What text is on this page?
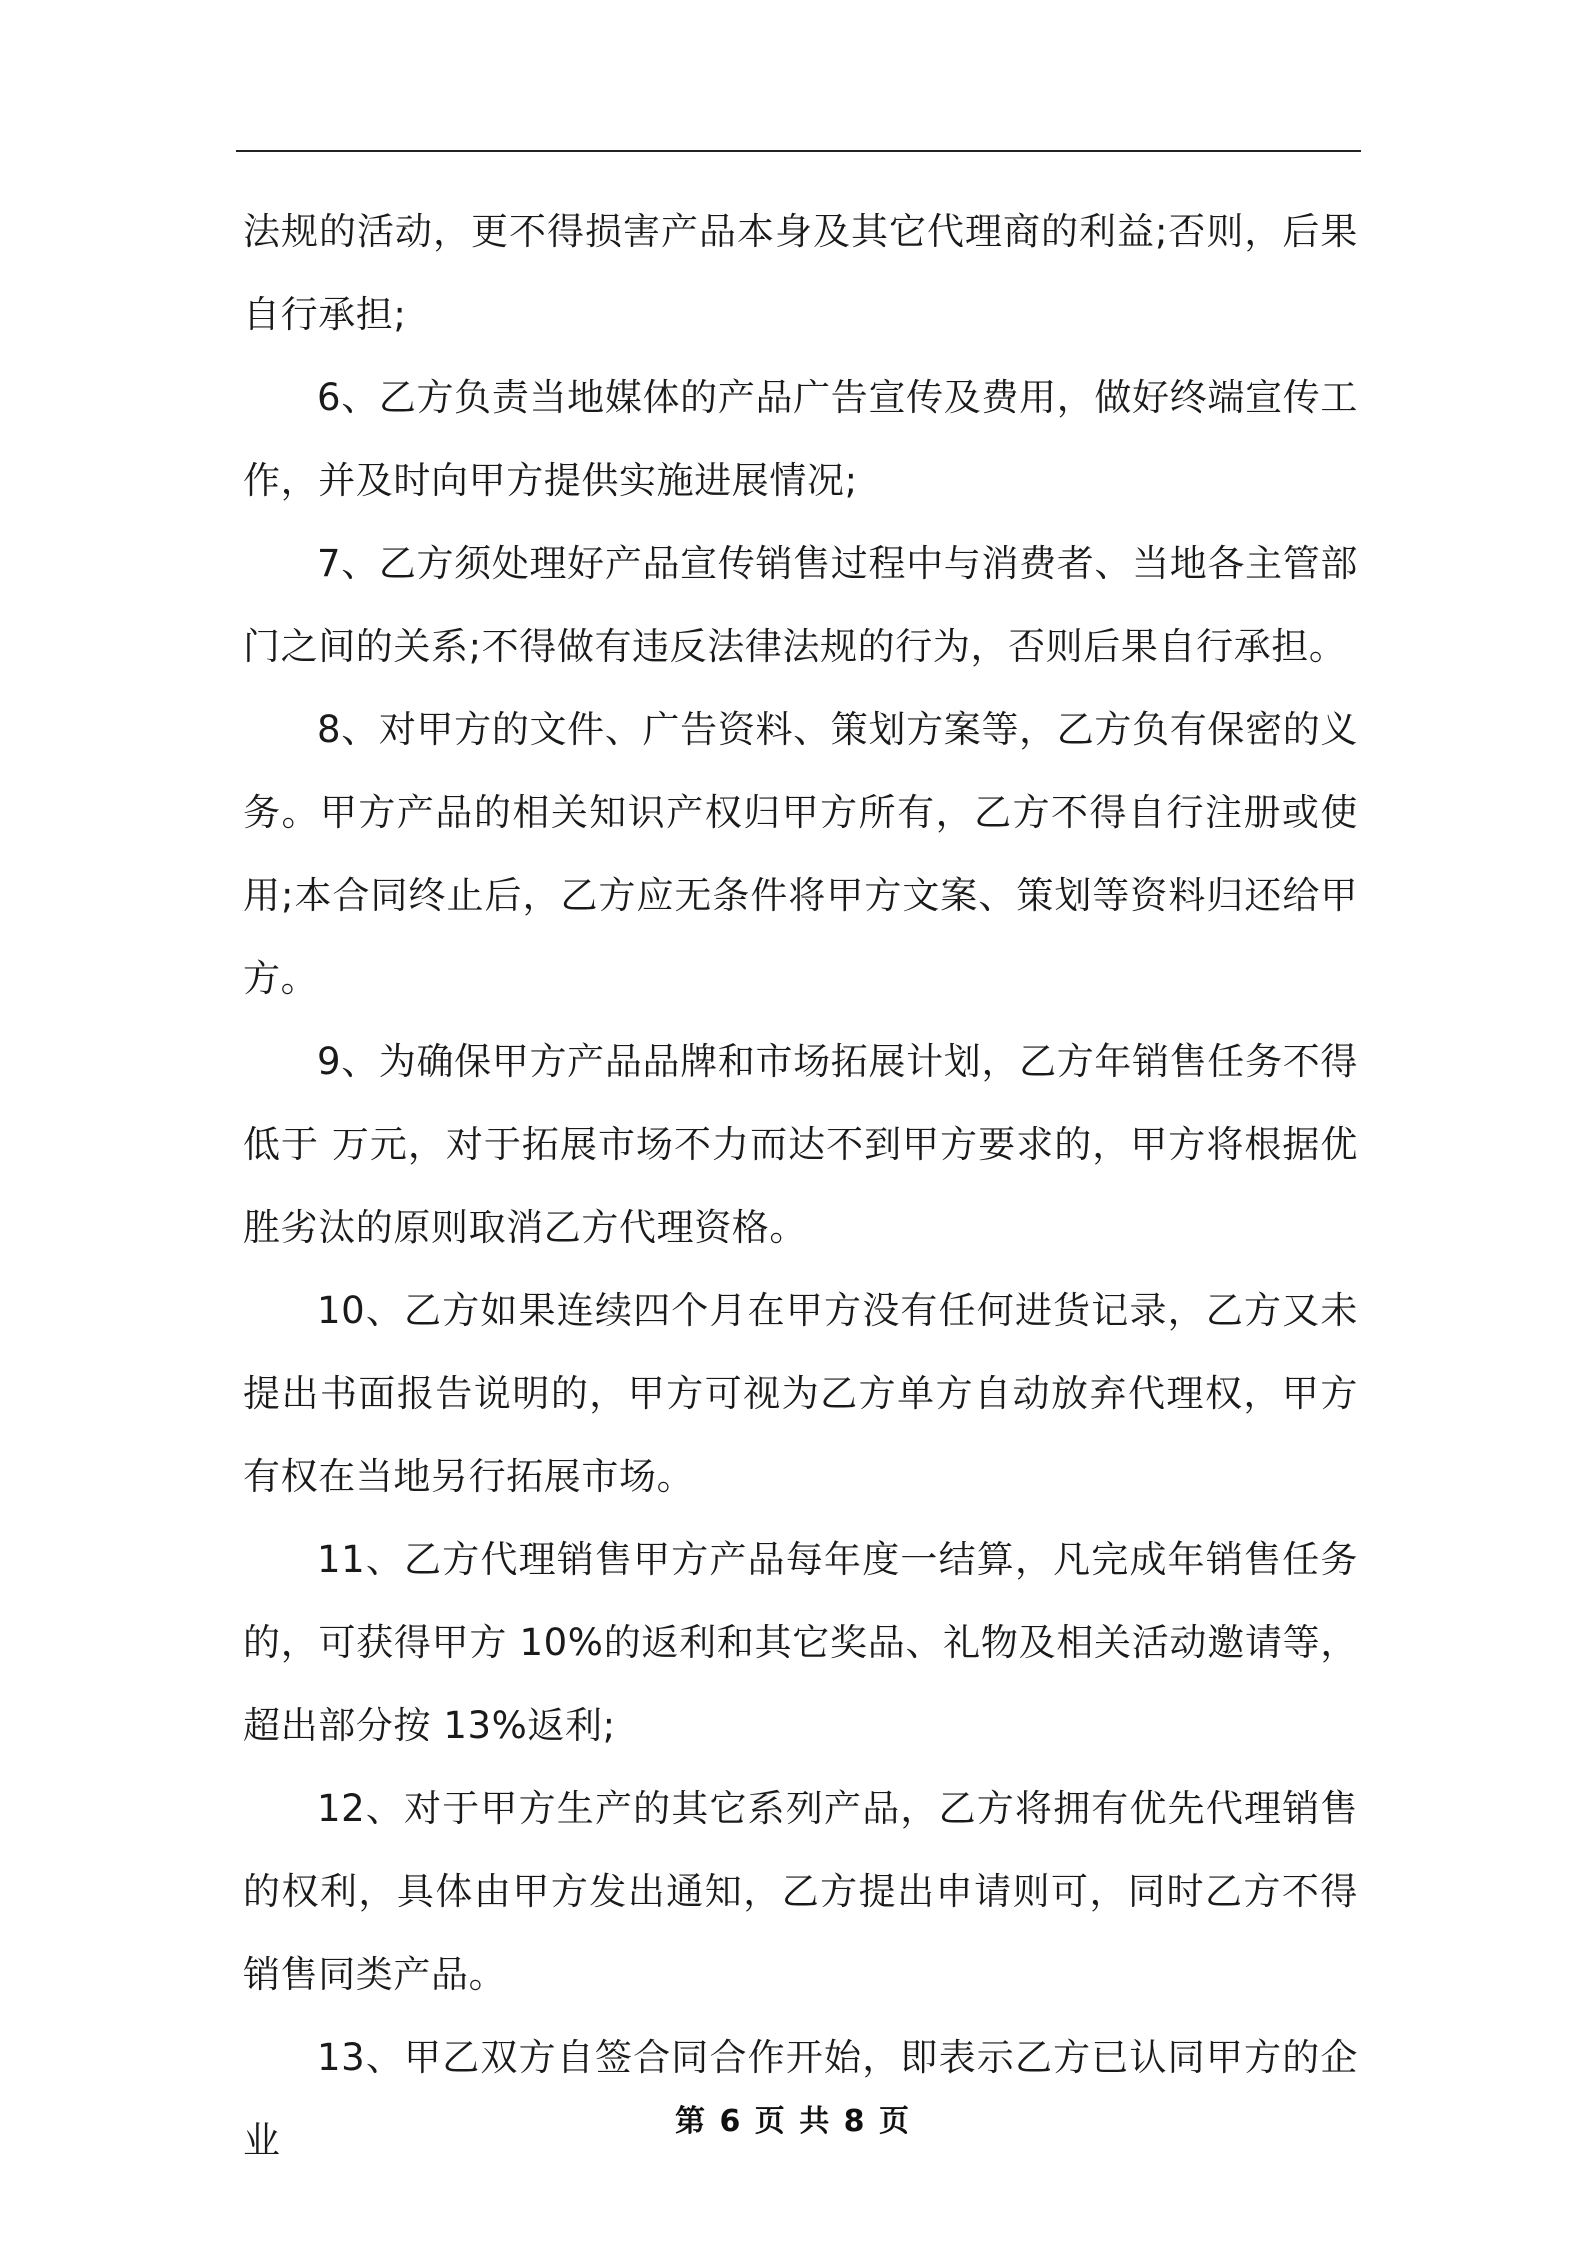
法规的活动，更不得损害产品本身及其它代理商的利益;否则，后果自行承担;

6、乙方负责当地媒体的产品广告宣传及费用，做好终端宣传工作，并及时向甲方提供实施进展情况;

7、乙方须处理好产品宣传销售过程中与消费者、当地各主管部门之间的关系;不得做有违反法律法规的行为，否则后果自行承担。

8、对甲方的文件、广告资料、策划方案等，乙方负有保密的义务。甲方产品的相关知识产权归甲方所有，乙方不得自行注册或使用;本合同终止后，乙方应无条件将甲方文案、策划等资料归还给甲方。

9、为确保甲方产品品牌和市场拓展计划，乙方年销售任务不得低于 万元，对于拓展市场不力而达不到甲方要求的，甲方将根据优胜劣汰的原则取消乙方代理资格。

10、乙方如果连续四个月在甲方没有任何进货记录，乙方又未提出书面报告说明的，甲方可视为乙方单方自动放弃代理权，甲方有权在当地另行拓展市场。

11、乙方代理销售甲方产品每年度一结算，凡完成年销售任务的，可获得甲方 10%的返利和其它奖品、礼物及相关活动邀请等，超出部分按 13%返利;

12、对于甲方生产的其它系列产品，乙方将拥有优先代理销售的权利，具体由甲方发出通知，乙方提出申请则可，同时乙方不得销售同类产品。

13、甲乙双方自签合同合作开始，即表示乙方已认同甲方的企业	第 6 页 共 8 页
